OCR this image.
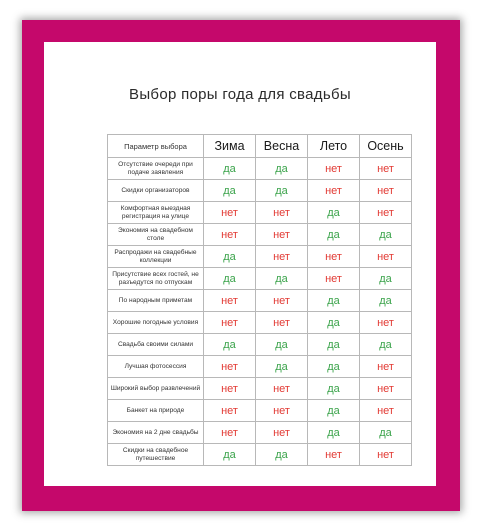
Выбор поры года для свадьбы
Параметр выбора	Зима	Весна	Лето	Осень
Отсутствие очереди при подаче заявления	да	да	нет	нет
Скидки организаторов	да	да	нет	нет
Комфортная выездная регистрация на улице	нет	нет	да	нет
Экономия на свадебном столе	нет	нет	да	да
Распродажи на свадебные коллекции	да	нет	нет	нет
Присутствие всех гостей, не разъедутся по отпускам	да	да	нет	да
По народным приметам	нет	нет	да	да
Хорошие погодные условия	нет	нет	да	нет
Свадьба своими силами	да	да	да	да
Лучшая фотосессия	нет	да	да	нет
Широкий выбор развлечений	нет	нет	да	нет
Банкет на природе	нет	нет	да	нет
Экономия на 2 дне свадьбы	нет	нет	да	да
Скидки на свадебное путешествие	да	да	нет	нет
